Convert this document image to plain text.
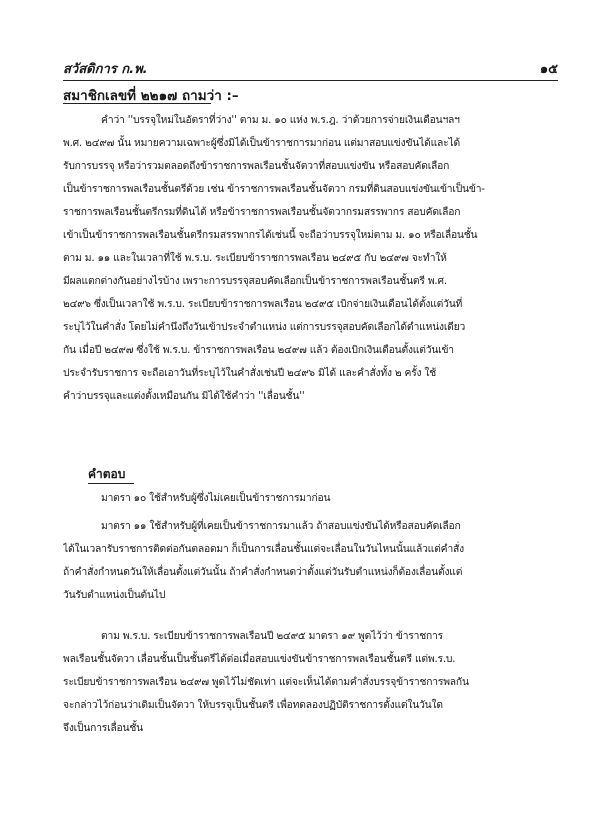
สวัสดิการ ก.พ.	๑๕
สมาชิกเลขที่ ๒๒๑๗ ถามว่า :–
คำว่า ''บรรจุใหม่ในอัตราที่ว่าง'' ตาม ม. ๑๐ แห่ง พ.ร.ฎ. ว่าด้วยการจ่ายเงินเดือนฯลฯ
พ.ศ. ๒๔๙๗ นั้น หมายความเฉพาะผู้ซึ่งมิได้เป็นข้าราชการมาก่อน แต่มาสอบแข่งขันได้และได้
รับการบรรจุ หรือว่ารวมตลอดถึงข้าราชการพลเรือนชั้นจัตวาที่สอบแข่งขัน หรือสอบคัดเลือก
เป็นข้าราชการพลเรือนชั้นตรีด้วย เช่น ข้าราชการพลเรือนชั้นจัตวา กรมที่ดินสอบแข่งขันเข้าเป็นข้า-
ราชการพลเรือนชั้นตรีกรมที่ดินได้ หรือข้าราชการพลเรือนชั้นจัตวากรมสรรพากร สอบคัดเลือก
เข้าเป็นข้าราชการพลเรือนชั้นตรีกรมสรรพากรได้เช่นนี้ จะถือว่าบรรจุใหม่ตาม ม. ๑๐ หรือเลื่อนชั้น
ตาม ม. ๑๑ และในเวลาที่ใช้ พ.ร.บ. ระเบียบข้าราชการพลเรือน ๒๔๙๕ กับ ๒๔๙๗ จะทำให้
มีผลแตกต่างกันอย่างไรบ้าง เพราะการบรรจุสอบคัดเลือกเป็นข้าราชการพลเรือนชั้นตรี พ.ศ.
๒๔๙๖ ซึ่งเป็นเวลาใช้ พ.ร.บ. ระเบียบข้าราชการพลเรือน ๒๔๙๕ เบิกจ่ายเงินเดือนได้ตั้งแต่วันที่
ระบุไว้ในคำสั่ง โดยไม่คำนึงถึงวันเข้าประจำตำแหน่ง แต่การบรรจุสอบคัดเลือกได้ตำแหน่งเดียว
กัน เมื่อปี ๒๔๙๗ ซึ่งใช้ พ.ร.บ. ข้าราชการพลเรือน ๒๔๙๗ แล้ว ต้องเบิกเงินเดือนตั้งแต่วันเข้า
ประจำรับราชการ จะถือเอาวันที่ระบุไว้ในคำสั่งเช่นปี ๒๔๙๖ มิได้ และคำสั่งทั้ง ๒ ครั้ง ใช้
คำว่าบรรจุและแต่งตั้งเหมือนกัน มิได้ใช้คำว่า ''เลื่อนชั้น''
คำตอบ
มาตรา ๑๐ ใช้สำหรับผู้ซึ่งไม่เคยเป็นข้าราชการมาก่อน
มาตรา ๑๑ ใช้สำหรับผู้ที่เคยเป็นข้าราชการมาแล้ว ถ้าสอบแข่งขันได้หรือสอบคัดเลือก
ได้ในเวลารับราชการติดต่อกันตลอดมา ก็เป็นการเลื่อนชั้นแต่จะเลื่อนในวันไหนนั้นแล้วแต่คำสั่ง
ถ้าคำสั่งกำหนดวันให้เลื่อนตั้งแต่วันนั้น ถ้าคำสั่งกำหนดว่าตั้งแต่วันรับตำแหน่งก็ต้องเลื่อนตั้งแต่
วันรับตำแหน่งเป็นต้นไป
ตาม พ.ร.บ. ระเบียบข้าราชการพลเรือนปี ๒๔๙๕ มาตรา ๑๙ พูดไว้ว่า ข้าราชการ
พลเรือนชั้นจัตวา เลื่อนชั้นเป็นชั้นตรีได้ต่อเมื่อสอบแข่งขันข้าราชการพลเรือนชั้นตรี แต่พ.ร.บ.
ระเบียบข้าราชการพลเรือน ๒๔๙๗ พูดไว้ไม่ชัดเท่า แต่จะเห็นได้ตามคำสั่งบรรจุข้าราชการพลกัน
จะกล่าวไว้ก่อนว่าเดิมเป็นจัตวา ให้บรรจุเป็นชั้นตรี เพื่อทดลองปฏิบัติราชการตั้งแต่ในวันใด
จึงเป็นการเลื่อนชั้น
